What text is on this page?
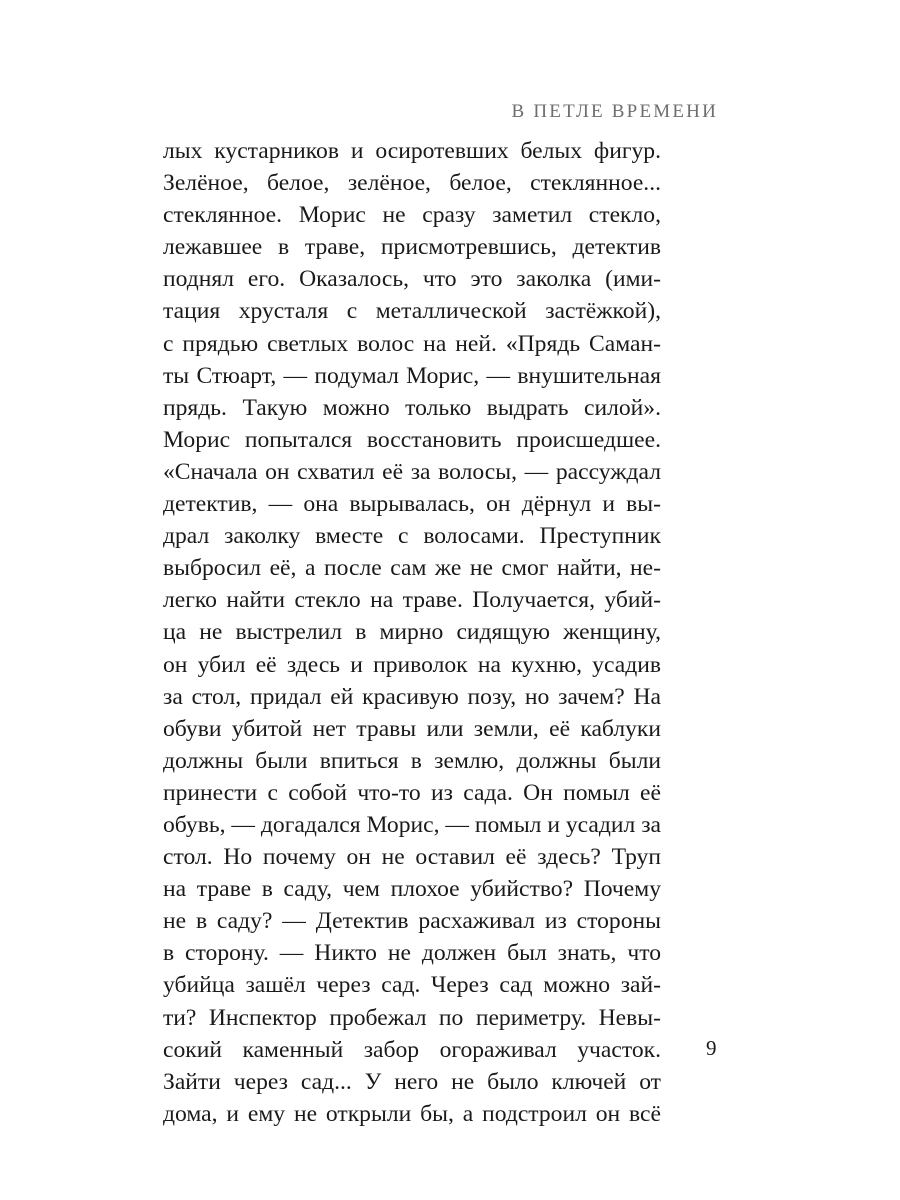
В ПЕТЛЕ ВРЕМЕНИ
лых кустарников и осиротевших белых фигур.
Зелёное, белое, зелёное, белое, стеклянное...
стеклянное. Морис не сразу заметил стекло,
лежавшее в траве, присмотревшись, детектив
поднял его. Оказалось, что это заколка (ими-
тация хрусталя с металлической застёжкой),
с прядью светлых волос на ней. «Прядь Саман-
ты Стюарт, — подумал Морис, — внушительная
прядь. Такую можно только выдрать силой».
Морис попытался восстановить происшедшее.
«Сначала он схватил её за волосы, — рассуждал
детектив, — она вырывалась, он дёрнул и вы-
драл заколку вместе с волосами. Преступник
выбросил её, а после сам же не смог найти, не-
легко найти стекло на траве. Получается, убий-
ца не выстрелил в мирно сидящую женщину,
он убил её здесь и приволок на кухню, усадив
за стол, придал ей красивую позу, но зачем? На
обуви убитой нет травы или земли, её каблуки
должны были впиться в землю, должны были
принести с собой что-то из сада. Он помыл её
обувь, — догадался Морис, — помыл и усадил за
стол. Но почему он не оставил её здесь? Труп
на траве в саду, чем плохое убийство? Почему
не в саду? — Детектив расхаживал из стороны
в сторону. — Никто не должен был знать, что
убийца зашёл через сад. Через сад можно зай-
ти? Инспектор пробежал по периметру. Невы-
сокий каменный забор огораживал участок.
Зайти через сад... У него не было ключей от
дома, и ему не открыли бы, а подстроил он всё
9
